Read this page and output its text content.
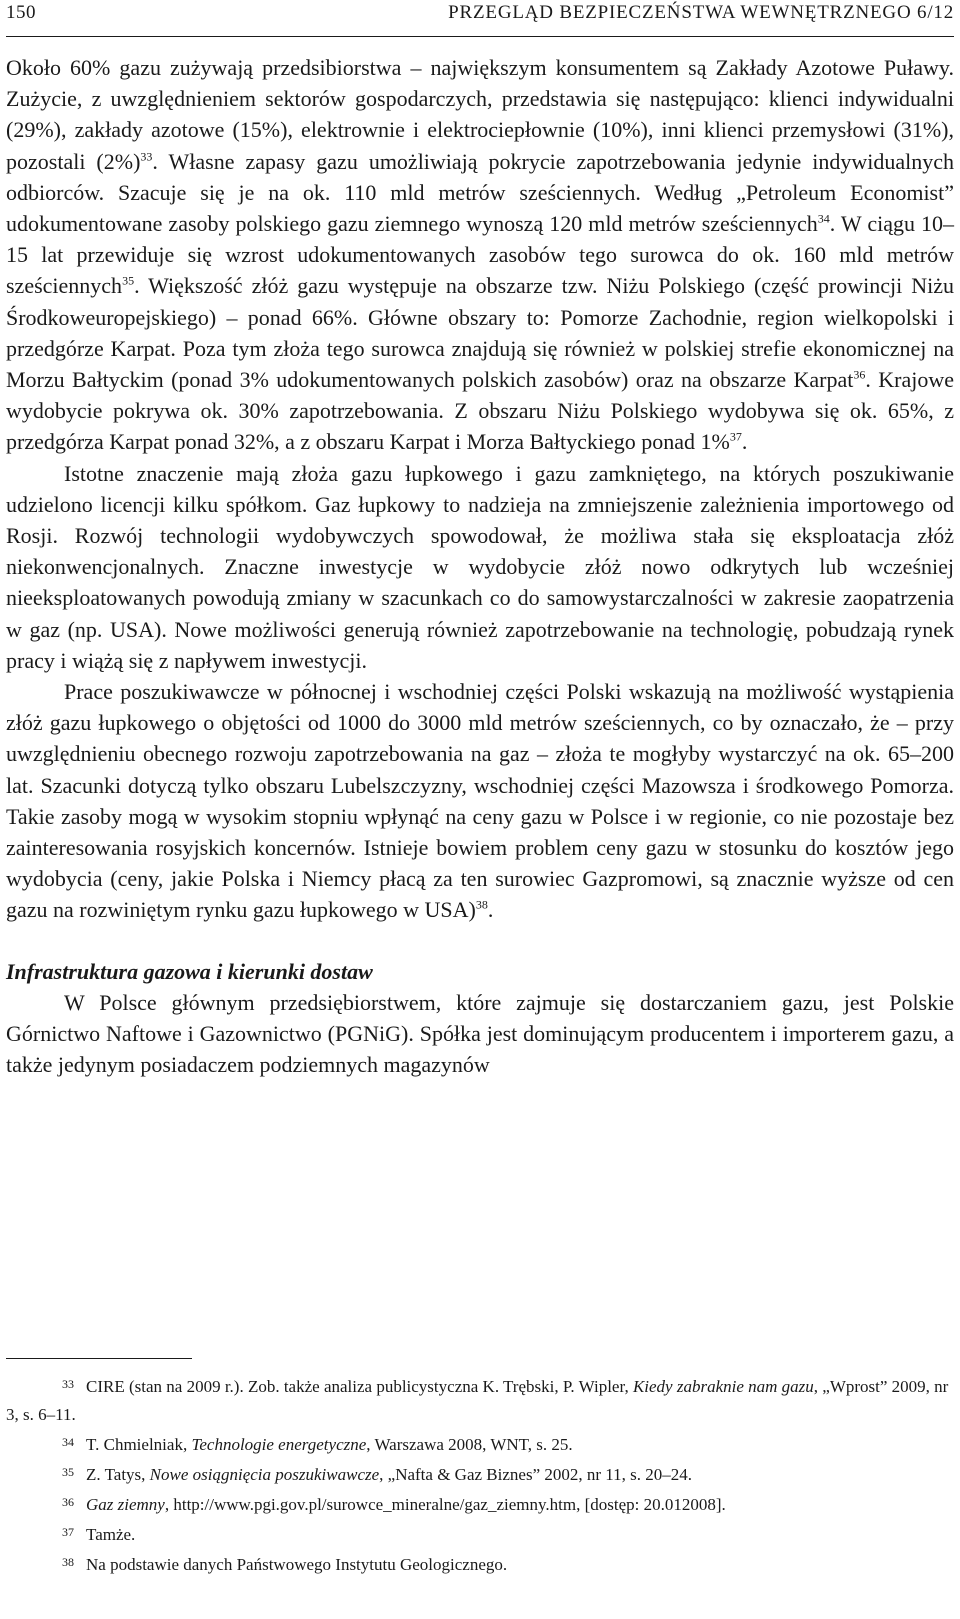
150	PRZEGLĄD BEZPIECZEŃSTWA WEWNĘTRZNEGO 6/12

Około 60% gazu zużywają przedsibiorstwa – największym konsumentem są Zakłady Azotowe Puławy. Zużycie, z uwzględnieniem sektorów gospodarczych, przedstawia się następująco: klienci indywidualni (29%), zakłady azotowe (15%), elektrownie i elektrociepłownie (10%), inni klienci przemysłowi (31%), pozostali $(2\%)^{33}$. Własne zapasy gazu umożliwiają pokrycie zapotrzebowania jedynie indywidualnych odbiorców. Szacuje się je na ok. 110 mld metrów sześciennych. Według „Petroleum Economist” udokumentowane zasoby polskiego gazu ziemnego wynoszą 120 mld metrów sześciennych$^{34}$. W ciągu 10–15 lat przewiduje się wzrost udokumentowanych zasobów tego surowca do ok. 160 mld metrów sześciennych$^{35}$. Większość złóż gazu występuje na obszarze tzw. Niżu Polskiego (część prowincji Niżu Środkoweuropejskiego) – ponad 66%. Główne obszary to: Pomorze Zachodnie, region wielkopolski i przedgórze Karpat. Poza tym złoża tego surowca znajdują się również w polskiej strefie ekonomicznej na Morzu Bałtyckim (ponad 3% udokumentowanych polskich zasobów) oraz na obszarze Karpat$^{36}$. Krajowe wydobycie pokrywa ok. 30% zapotrzebowania. Z obszaru Niżu Polskiego wydobywa się ok. 65%, z przedgórza Karpat ponad 32%, a z obszaru Karpat i Morza Bałtyckiego ponad 1%$^{37}$.

Istotne znaczenie mają złoża gazu łupkowego i gazu zamkniętego, na których poszukiwanie udzielono licencji kilku spółkom. Gaz łupkowy to nadzieja na zmniejszenie zależnienia importowego od Rosji. Rozwój technologii wydobywczych spowodował, że możliwa stała się eksploatacja złóż niekonwencjonalnych. Znaczne inwestycje w wydobycie złóż nowo odkrytych lub wcześniej nieeksploatowanych powodują zmiany w szacunkach co do samowystarczalności w zakresie zaopatrzenia w gaz (np. USA). Nowe możliwości generują również zapotrzebowanie na technologię, pobudzają rynek pracy i wiążą się z napływem inwestycji.

Prace poszukiwawcze w północnej i wschodniej części Polski wskazują na możliwość wystąpienia złóż gazu łupkowego o objętości od 1000 do 3000 mld metrów sześciennych, co by oznaczało, że – przy uwzględnieniu obecnego rozwoju zapotrzebowania na gaz – złoża te mogłyby wystarczyć na ok. 65–200 lat. Szacunki dotyczą tylko obszaru Lubelszczyzny, wschodniej części Mazowsza i środkowego Pomorza. Takie zasoby mogą w wysokim stopniu wpłynąć na ceny gazu w Polsce i w regionie, co nie pozostaje bez zainteresowania rosyjskich koncernów. Istnieje bowiem problem ceny gazu w stosunku do kosztów jego wydobycia (ceny, jakie Polska i Niemcy płacą za ten surowiec Gazpromowi, są znacznie wyższe od cen gazu na rozwiniętym rynku gazu łupkowego w USA)$^{38}$.

Infrastruktura gazowa i kierunki dostaw

W Polsce głównym przedsiębiorstwem, które zajmuje się dostarczaniem gazu, jest Polskie Górnictwo Naftowe i Gazownictwo (PGNiG). Spółka jest dominującym producentem i importerem gazu, a także jedynym posiadaczem podziemnych magazynów

33 CIRE (stan na 2009 r.). Zob. także analiza publicystyczna K. Trębski, P. Wipler, Kiedy zabraknie nam gazu, „Wprost” 2009, nr 3, s. 6–11.
34 T. Chmielniak, Technologie energetyczne, Warszawa 2008, WNT, s. 25.
35 Z. Tatys, Nowe osiągnięcia poszukiwawcze, „Nafta & Gaz Biznes” 2002, nr 11, s. 20–24.
36 Gaz ziemny, http://www.pgi.gov.pl/surowce_mineralne/gaz_ziemny.htm, [dostęp: 20.012008].
37 Tamże.
38 Na podstawie danych Państwowego Instytutu Geologicznego.
